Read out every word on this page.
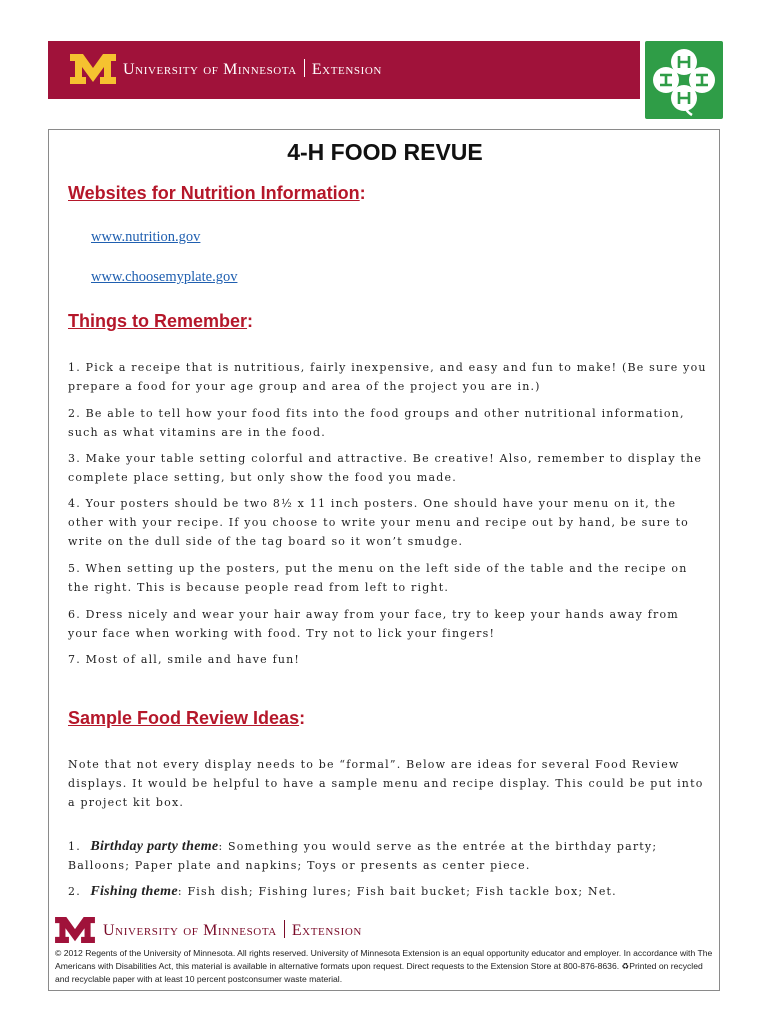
University of Minnesota Extension
4-H FOOD REVUE
Websites for Nutrition Information:
www.nutrition.gov
www.choosemyplate.gov
Things to Remember:

1. Pick a receipe that is nutritious, fairly inexpensive, and easy and fun to make! (Be sure you prepare a food for your age group and area of the project you are in.)

2. Be able to tell how your food fits into the food groups and other nutritional information, such as what vitamins are in the food.

3. Make your table setting colorful and attractive. Be creative! Also, remember to display the complete place setting, but only show the food you made.

4. Your posters should be two 8½ x 11 inch posters. One should have your menu on it, the other with your recipe. If you choose to write your menu and recipe out by hand, be sure to write on the dull side of the tag board so it won’t smudge.

5. When setting up the posters, put the menu on the left side of the table and the recipe on the right. This is because people read from left to right.

6. Dress nicely and wear your hair away from your face, try to keep your hands away from your face when working with food. Try not to lick your fingers!

7. Most of all, smile and have fun!

Sample Food Review Ideas:

Note that not every display needs to be “formal”. Below are ideas for several Food Review displays. It would be helpful to have a sample menu and recipe display. This could be put into a project kit box.

1. Birthday party theme: Something you would serve as the entrée at the birthday party; Balloons; Paper plate and napkins; Toys or presents as center piece.

2. Fishing theme: Fish dish; Fishing lures; Fish bait bucket; Fish tackle box; Net.

University of Minnesota Extension

© 2012 Regents of the University of Minnesota. All rights reserved. University of Minnesota Extension is an equal opportunity educator and employer. In accordance with The Americans with Disabilities Act, this material is available in alternative formats upon request. Direct requests to the Extension Store at 800-876-8636. ♻Printed on recycled and recyclable paper with at least 10 percent postconsumer waste material.
